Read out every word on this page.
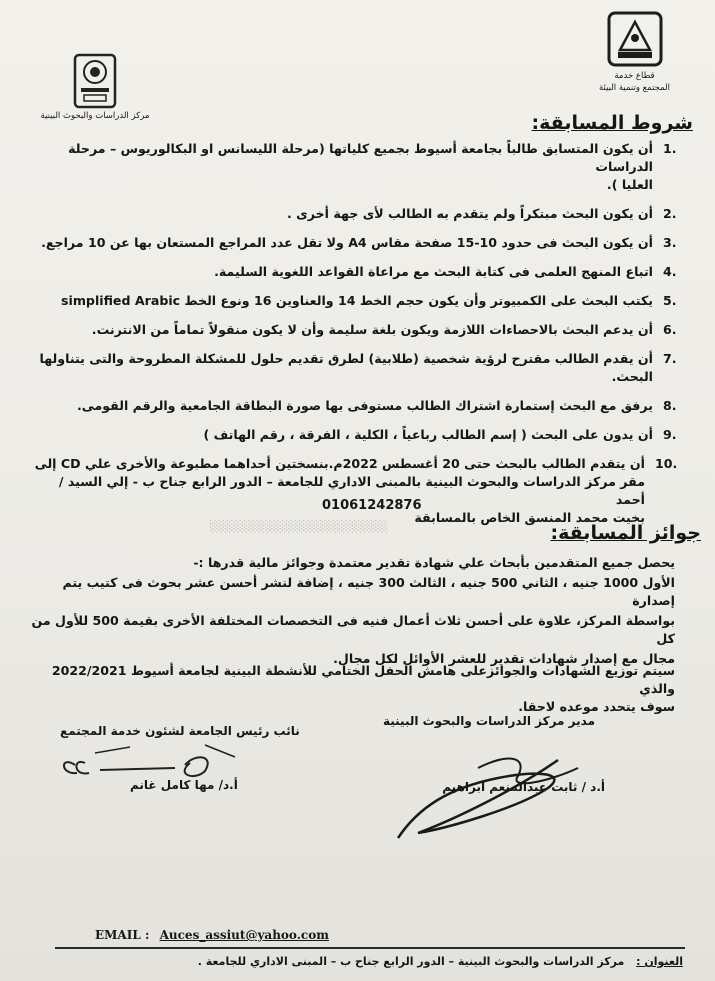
مركز الدراسات والبحوث البينية
قطاع خدمة
المجتمع وتنمية البيئة
شروط المسابقة:
1.
أن يكون المتسابق طالباً بجامعة أسيوط بجميع كلياتها (مرحلة الليسانس او البكالوريوس – مرحلة الدراسات
العليا ).
2.
أن يكون البحث مبتكراً ولم يتقدم به الطالب لأى جهة أخرى .
3.
أن يكون البحث فى حدود 10-15 صفحة مقاس A4 ولا تقل عدد المراجع المستعان بها عن 10 مراجع.
4.
اتباع المنهج العلمى فى كتابة البحث مع مراعاة القواعد اللغوية السليمة.
5.
يكتب البحث على الكمبيوتر وأن يكون حجم الخط 14 والعناوين 16 ونوع الخط simplified Arabic
6.
أن يدعم البحث بالاحصاءات اللازمة ويكون بلغة سليمة وأن لا يكون منقولاً تماماً من الانترنت.
7.
أن يقدم الطالب مقترح لرؤية شخصية (طلابية) لطرق تقديم حلول للمشكلة المطروحة والتى يتناولها البحث.
8.
يرفق مع البحث إستمارة اشتراك الطالب مستوفى بها صورة البطاقة الجامعية والرقم القومى.
9.
أن يدون على البحث ( إسم الطالب رباعياً ، الكلية ، الفرقة ، رقم الهاتف )
10.
أن يتقدم الطالب بالبحث حتى 20 أغسطس 2022م.بنسختين أحداهما مطبوعة والأخرى علي CD إلى
مقر مركز الدراسات والبحوث البينية بالمبنى الاداري للجامعة – الدور الرابع جناح ب - إلي السيد / أحمد
بخيت محمد المنسق الخاص بالمسابقة
01061242876
░░░░░░░░░░░░░░░░░░░░░	جوائز المسابقة:

يحصل جميع المتقدمين بأبحاث علي شهادة تقدير معتمدة وجوائز مالية قدرها :-

الأول 1000 جنيه ، الثاني 500 جنيه ، الثالث 300 جنيه ، إضافة لنشر أحسن عشر بحوث فى كتيب يتم إصدارة

بواسطة المركز، علاوة على أحسن ثلاث أعمال فنيه فى التخصصات المختلفة الأخرى بقيمة 500 للأول من كل

مجال مع إصدار شهادات تقدير للعشر الأوائل لكل مجال.

سيتم توزيع الشهادات والجوائزعلى هامش الحفل الختامي للأنشطة البينية لجامعة أسيوط 2022/2021 والذي
سوف يتحدد موعده لاحقا.
مدير مركز الدراسات والبحوث البينية
نائب رئيس الجامعة لشئون خدمة المجتمع
أ.د/ مها كامل غانم	أ.د / ثابت عبدالمنعم ابراهيم
EMAIL : Auces_assiut@yahoo.com
العنوان : مركز الدراسات والبحوث البينية – الدور الرابع جناح ب – المبنى الاداري للجامعة .
